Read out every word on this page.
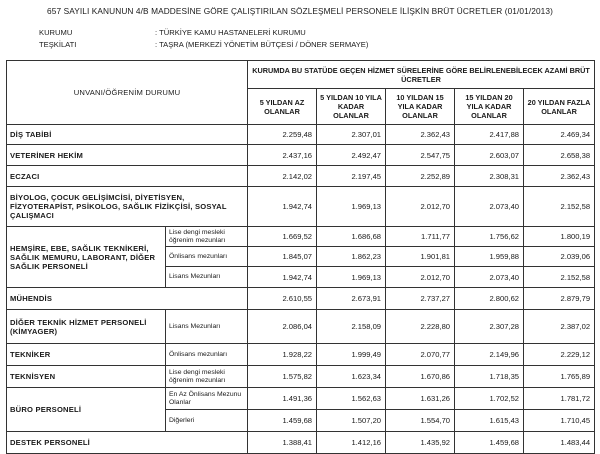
657 SAYILI KANUNUN 4/B MADDESİNE GÖRE ÇALIŞTIRILAN SÖZLEŞMELİ PERSONELE İLİŞKİN BRÜT ÜCRETLER (01/01/2013)
KURUMU	: TÜRKİYE KAMU HASTANELERİ KURUMU
TEŞKİLATI	: TAŞRA (MERKEZİ YÖNETİM BÜTÇESİ / DÖNER SERMAYE)
UNVANI/ÖĞRENİM DURUMU		KURUMDA BU STATÜDE GEÇEN HİZMET SÜRELERİNE GÖRE BELİRLENEBİLECEK AZAMİ BRÜT ÜCRETLER				
		5 YILDAN AZ OLANLAR	5 YILDAN 10 YILA KADAR OLANLAR	10 YILDAN 15 YILA KADAR OLANLAR	15 YILDAN 20 YILA KADAR OLANLAR	20 YILDAN FAZLA OLANLAR
DİŞ TABİBİ		2.259,48	2.307,01	2.362,43	2.417,88	2.469,34
VETERİNER HEKİM		2.437,16	2.492,47	2.547,75	2.603,07	2.658,38
ECZACI		2.142,02	2.197,45	2.252,89	2.308,31	2.362,43
BİYOLOG, ÇOCUK GELİŞİMCİSİ, DİYETİSYEN, FİZYOTERAPİST, PSİKOLOG, SAĞLIK FİZİKÇİSİ, SOSYAL ÇALIŞMACI		1.942,74	1.969,13	2.012,70	2.073,40	2.152,58
HEMŞİRE, EBE, SAĞLIK TEKNİKERİ, SAĞLIK MEMURU, LABORANT, DİĞER SAĞLIK PERSONELİ	Lise dengi mesleki öğrenim mezunları	1.669,52	1.686,68	1.711,77	1.756,62	1.800,19
	Önlisans mezunları	1.845,07	1.862,23	1.901,81	1.959,88	2.039,06
	Lisans Mezunları	1.942,74	1.969,13	2.012,70	2.073,40	2.152,58
MÜHENDİS		2.610,55	2.673,91	2.737,27	2.800,62	2.879,79
DİĞER TEKNİK HİZMET PERSONELİ (KİMYAGER)	Lisans Mezunları	2.086,04	2.158,09	2.228,80	2.307,28	2.387,02
TEKNİKER	Önlisans mezunları	1.928,22	1.999,49	2.070,77	2.149,96	2.229,12
TEKNİSYEN	Lise dengi mesleki öğrenim mezunları	1.575,82	1.623,34	1.670,86	1.718,35	1.765,89
BÜRO PERSONELİ	En Az Önlisans Mezunu Olanlar	1.491,36	1.562,63	1.631,26	1.702,52	1.781,72
	Diğerleri	1.459,68	1.507,20	1.554,70	1.615,43	1.710,45
DESTEK PERSONELİ		1.388,41	1.412,16	1.435,92	1.459,68	1.483,44
